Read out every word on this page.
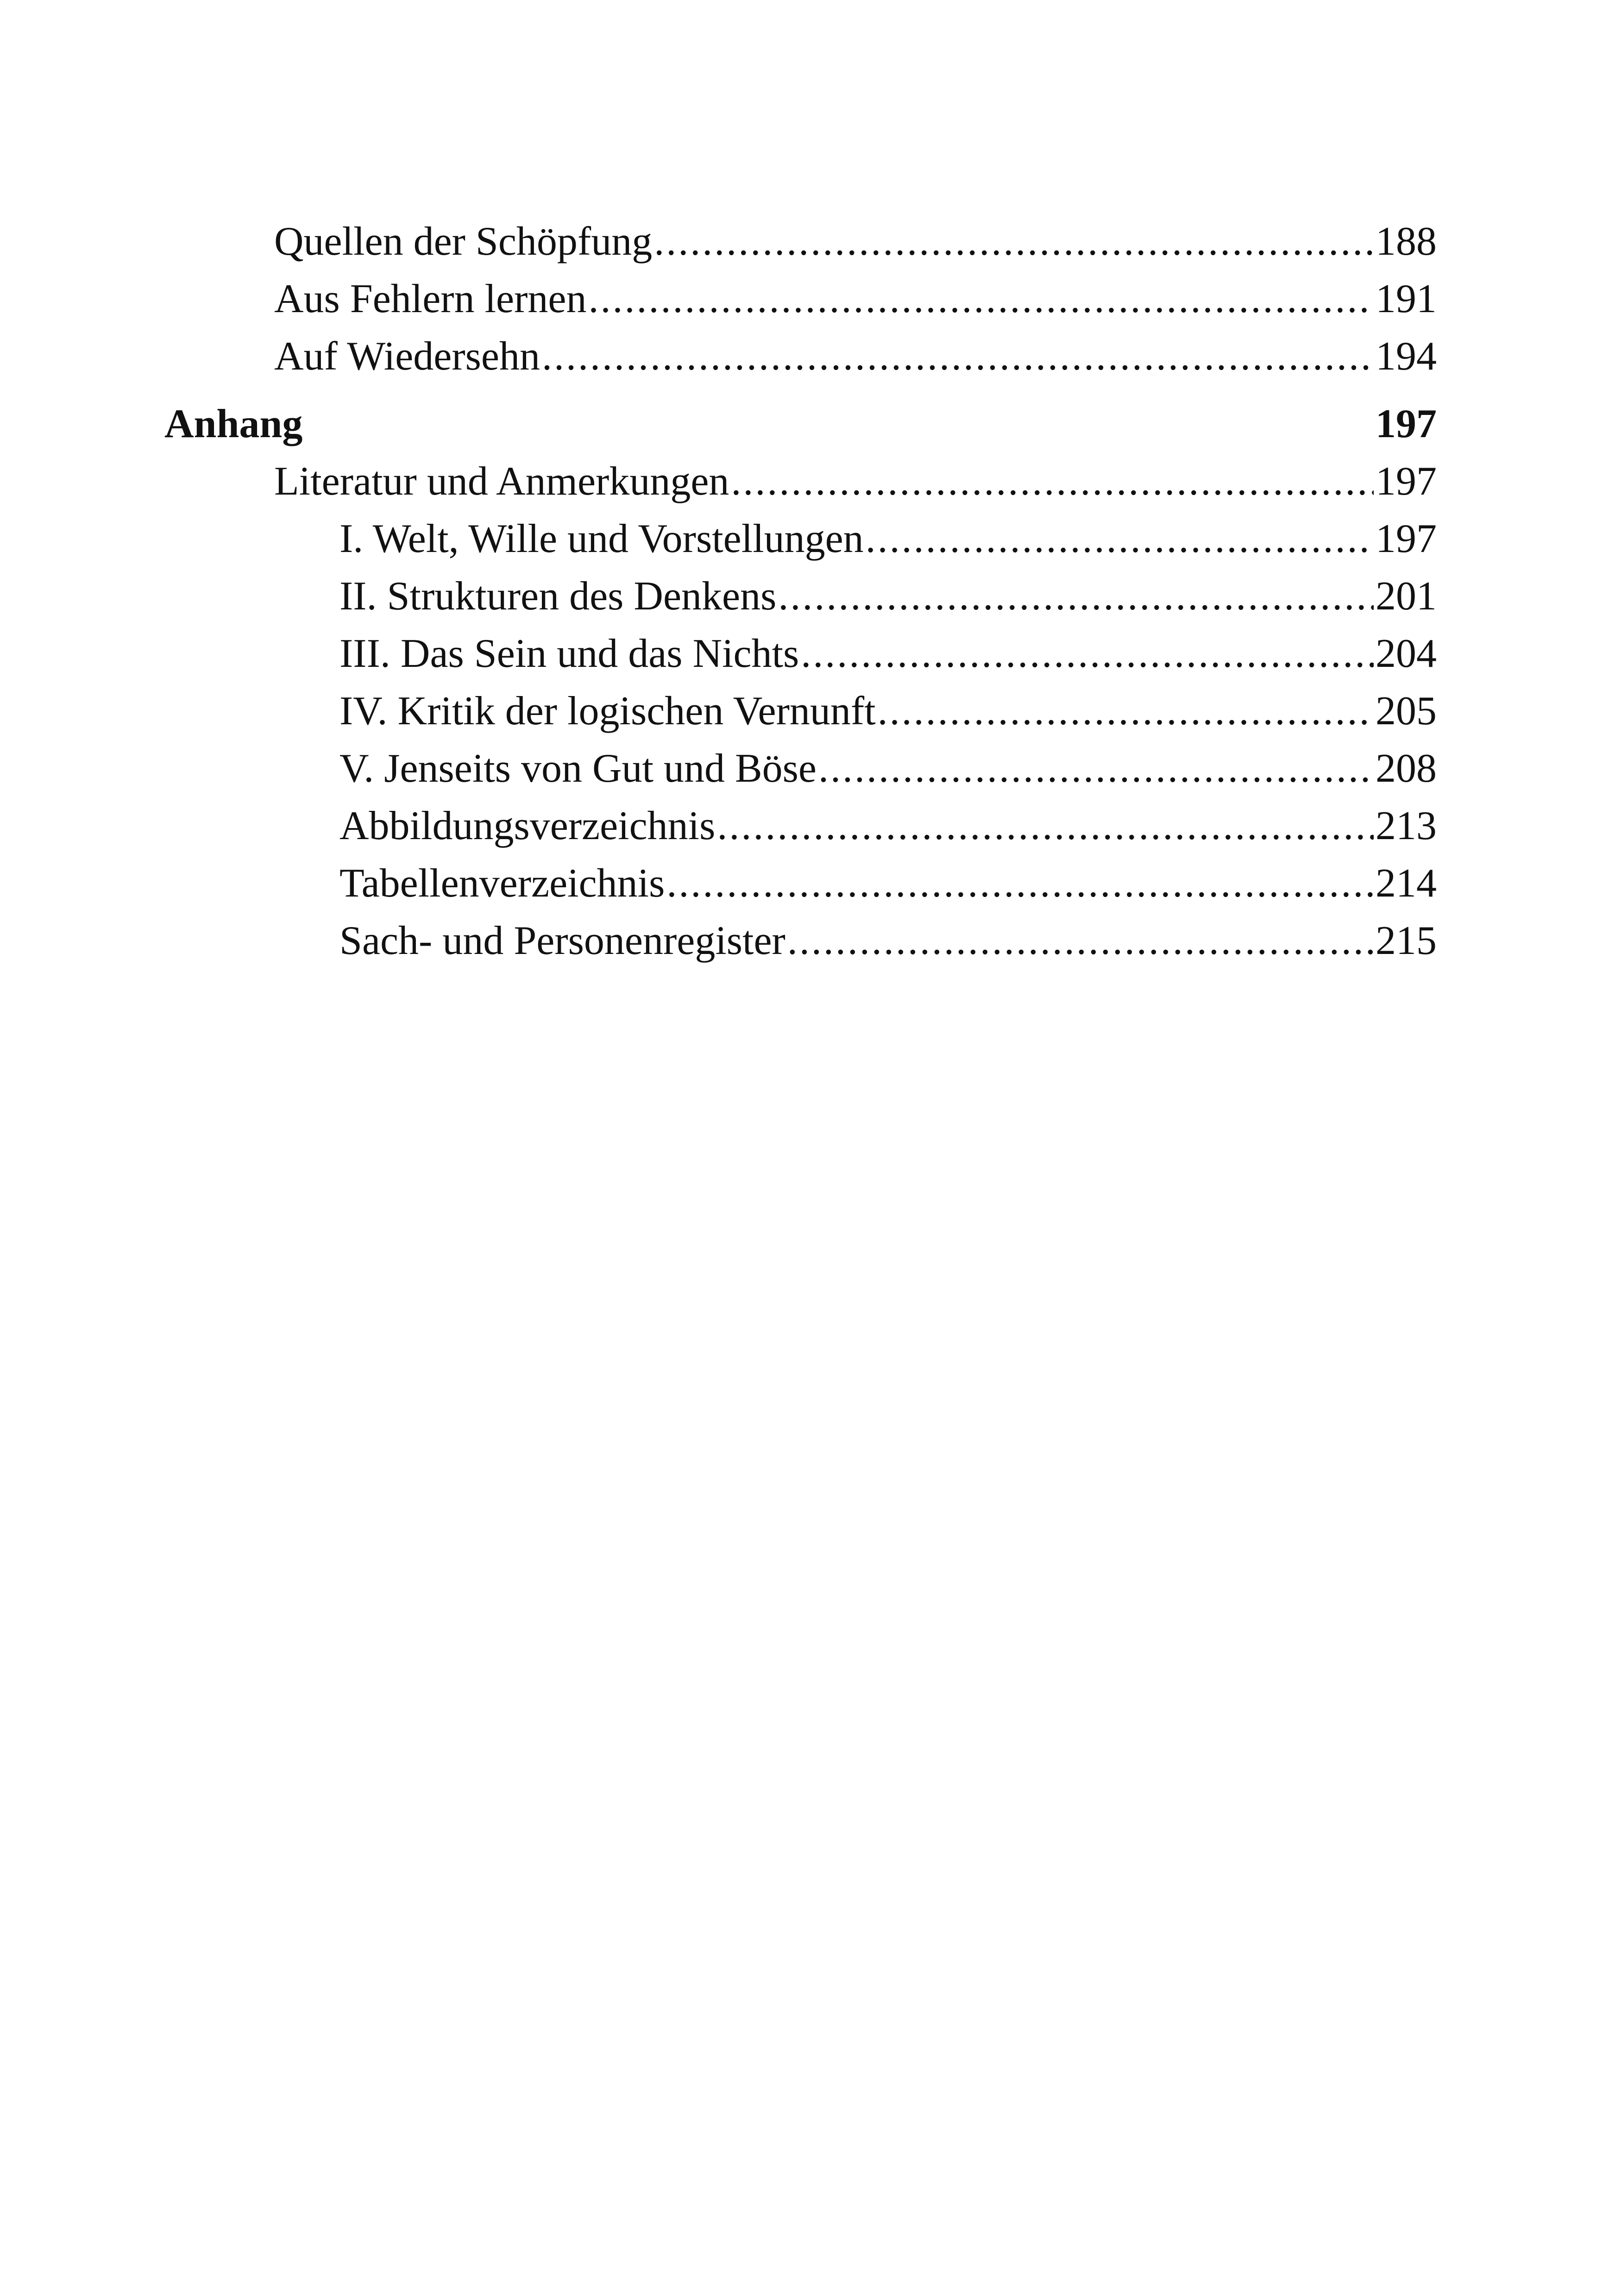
Quellen der Schöpfung .....	188
Aus Fehlern lernen .....	191
Auf Wiedersehn .....	194
Anhang	197
Literatur und Anmerkungen .....	197
I. Welt, Wille und Vorstellungen .....	197
II. Strukturen des Denkens .....	201
III. Das Sein und das Nichts .....	204
IV. Kritik der logischen Vernunft .....	205
V. Jenseits von Gut und Böse .....	208
Abbildungsverzeichnis .....	213
Tabellenverzeichnis .....	214
Sach- und Personenregister .....	215
